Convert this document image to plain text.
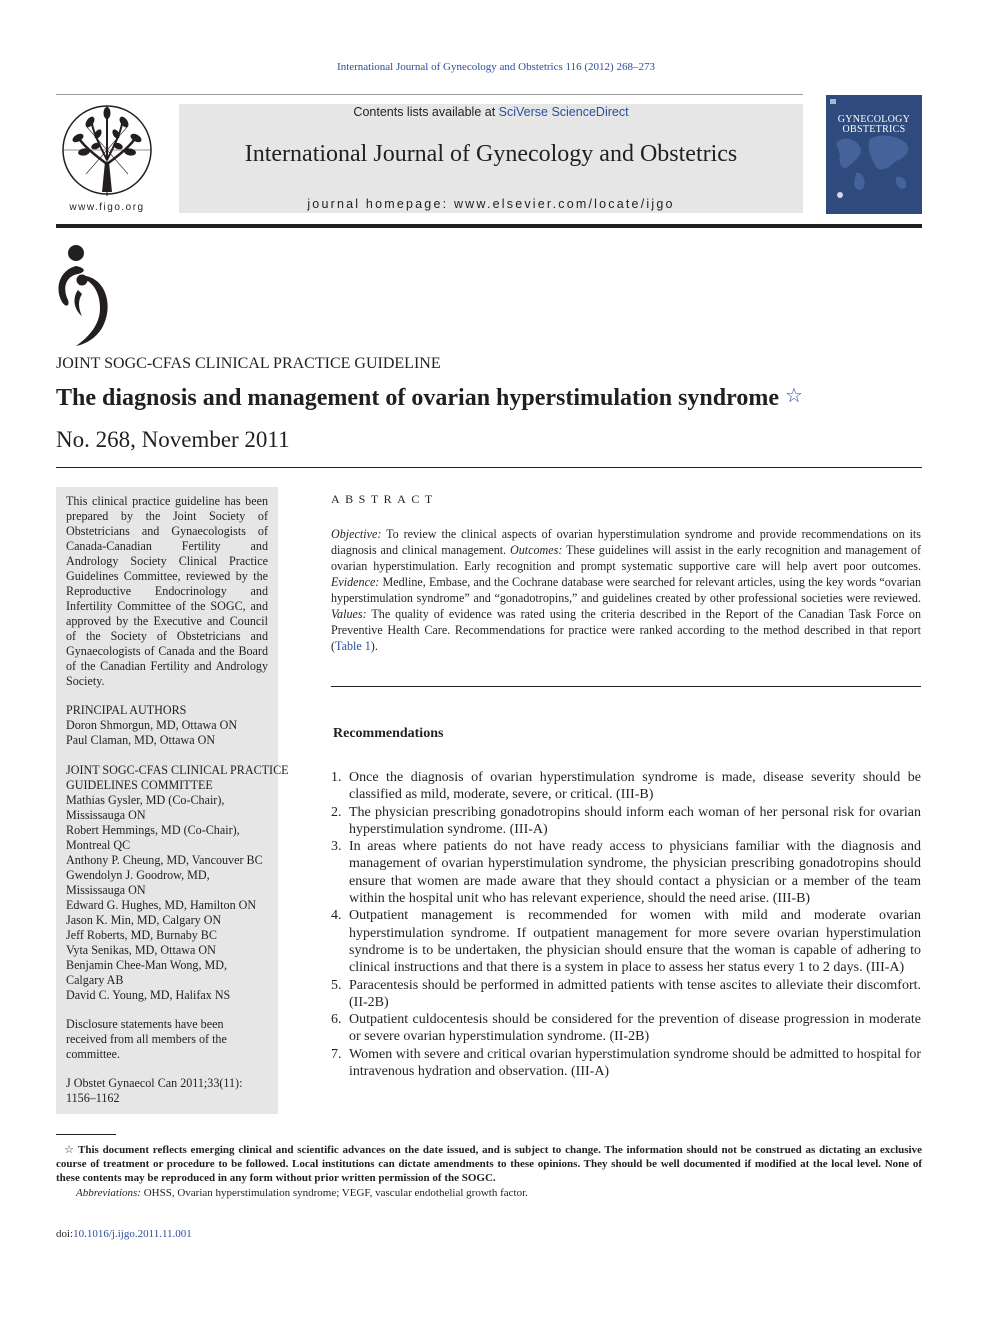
International Journal of Gynecology and Obstetrics 116 (2012) 268–273
www.figo.org
Contents lists available at SciVerse ScienceDirect
International Journal of Gynecology and Obstetrics
journal homepage: www.elsevier.com/locate/ijgo
GYNECOLOGY
OBSTETRICS
JOINT SOGC-CFAS CLINICAL PRACTICE GUIDELINE
The diagnosis and management of ovarian hyperstimulation syndrome ☆
No. 268, November 2011
This clinical practice guideline has been prepared by the Joint Society of Obstetricians and Gynaecologists of Canada-Canadian Fertility and Andrology Society Clinical Practice Guidelines Committee, reviewed by the Reproductive Endocrinology and Infertility Committee of the SOGC, and approved by the Executive and Council of the Society of Obstetricians and Gynaecologists of Canada and the Board of the Canadian Fertility and Andrology Society.
PRINCIPAL AUTHORS
Doron Shmorgun, MD, Ottawa ON
Paul Claman, MD, Ottawa ON
JOINT SOGC-CFAS CLINICAL PRACTICE
GUIDELINES COMMITTEE
Mathias Gysler, MD (Co-Chair),
Mississauga ON
Robert Hemmings, MD (Co-Chair),
Montreal QC
Anthony P. Cheung, MD, Vancouver BC
Gwendolyn J. Goodrow, MD,
Mississauga ON
Edward G. Hughes, MD, Hamilton ON
Jason K. Min, MD, Calgary ON
Jeff Roberts, MD, Burnaby BC
Vyta Senikas, MD, Ottawa ON
Benjamin Chee-Man Wong, MD,
Calgary AB
David C. Young, MD, Halifax NS
Disclosure statements have been
received from all members of the
committee.
J Obstet Gynaecol Can 2011;33(11):
1156–1162
ABSTRACT
Objective: To review the clinical aspects of ovarian hyperstimulation syndrome and provide recommendations on its diagnosis and clinical management. Outcomes: These guidelines will assist in the early recognition and management of ovarian hyperstimulation. Early recognition and prompt systematic supportive care will help avert poor outcomes. Evidence: Medline, Embase, and the Cochrane database were searched for relevant articles, using the key words “ovarian hyperstimulation syndrome” and “gonadotropins,” and guidelines created by other professional societies were reviewed. Values: The quality of evidence was rated using the criteria described in the Report of the Canadian Task Force on Preventive Health Care. Recommendations for practice were ranked according to the method described in that report (Table 1).
Recommendations
1. Once the diagnosis of ovarian hyperstimulation syndrome is made, disease severity should be classified as mild, moderate, severe, or critical. (III-B)
2. The physician prescribing gonadotropins should inform each woman of her personal risk for ovarian hyperstimulation syndrome. (III-A)
3. In areas where patients do not have ready access to physicians familiar with the diagnosis and management of ovarian hyperstimulation syndrome, the physician prescribing gonadotropins should ensure that women are made aware that they should contact a physician or a member of the team within the hospital unit who has relevant experience, should the need arise. (III-B)
4. Outpatient management is recommended for women with mild and moderate ovarian hyperstimulation syndrome. If outpatient management for more severe ovarian hyperstimulation syndrome is to be undertaken, the physician should ensure that the woman is capable of adhering to clinical instructions and that there is a system in place to assess her status every 1 to 2 days. (III-A)
5. Paracentesis should be performed in admitted patients with tense ascites to alleviate their discomfort. (II-2B)
6. Outpatient culdocentesis should be considered for the prevention of disease progression in moderate or severe ovarian hyperstimulation syndrome. (II-2B)
7. Women with severe and critical ovarian hyperstimulation syndrome should be admitted to hospital for intravenous hydration and observation. (III-A)
☆ This document reflects emerging clinical and scientific advances on the date issued, and is subject to change. The information should not be construed as dictating an exclusive course of treatment or procedure to be followed. Local institutions can dictate amendments to these opinions. They should be well documented if modified at the local level. None of these contents may be reproduced in any form without prior written permission of the SOGC.
Abbreviations: OHSS, Ovarian hyperstimulation syndrome; VEGF, vascular endothelial growth factor.
doi:10.1016/j.ijgo.2011.11.001
